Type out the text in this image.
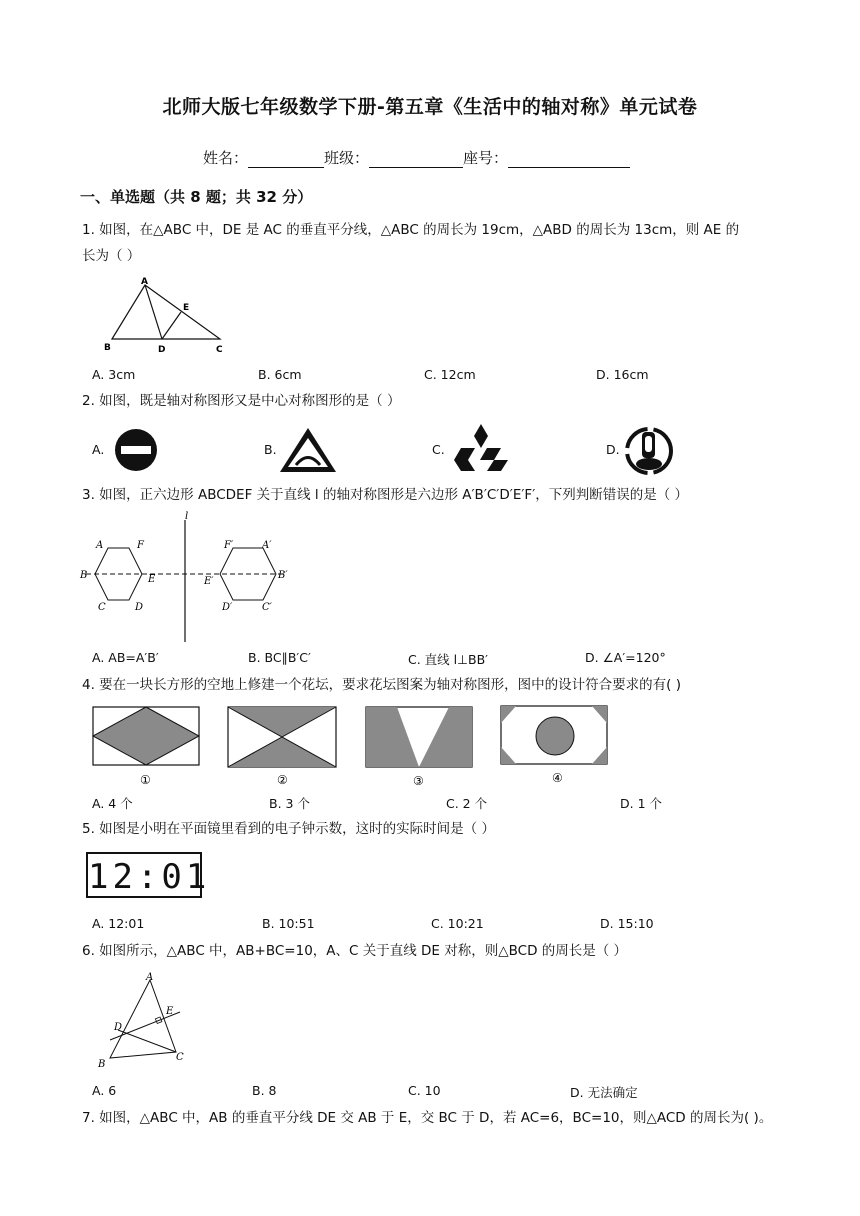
北师大版七年级数学下册-第五章《生活中的轴对称》单元试卷
姓名：	班级：	座号：
一、单选题（共 8 题；共 32 分）
1. 如图，在△ABC 中，DE 是 AC 的垂直平分线，△ABC 的周长为 19cm，△ABD 的周长为 13cm，则 AE 的
长为（ ）
A
E
B	D	C
A. 3cm	B. 6cm	C. 12cm	D. 16cm
2. 如图，既是轴对称图形又是中心对称图形的是（ ）
A.	B.	C.	D.
3. 如图，正六边形 ABCDEF 关于直线 l 的轴对称图形是六边形 A′B′C′D′E′F′，下列判断错误的是（ ）
l
A	F
B	E
C	D
F′	A′
E′
B′
D′	C′
A. AB=A′B′	B. BC∥B′C′	C. 直线 l⊥BB′	D. ∠A′=120°
4. 要在一块长方形的空地上修建一个花坛，要求花坛图案为轴对称图形，图中的设计符合要求的有( )
①	②	③	④
A. 4 个	B. 3 个	C. 2 个	D. 1 个
5. 如图是小明在平面镜里看到的电子钟示数，这时的实际时间是（ ）
12:01
A. 12:01	B. 10:51	C. 10:21	D. 15:10
6. 如图所示，△ABC 中，AB+BC=10，A、C 关于直线 DE 对称，则△BCD 的周长是（ ）
A
E
D
B
C
A. 6	B. 8	C. 10	D. 无法确定
7. 如图，△ABC 中，AB 的垂直平分线 DE 交 AB 于 E，交 BC 于 D，若 AC=6，BC=10，则△ACD 的周长为( )。
